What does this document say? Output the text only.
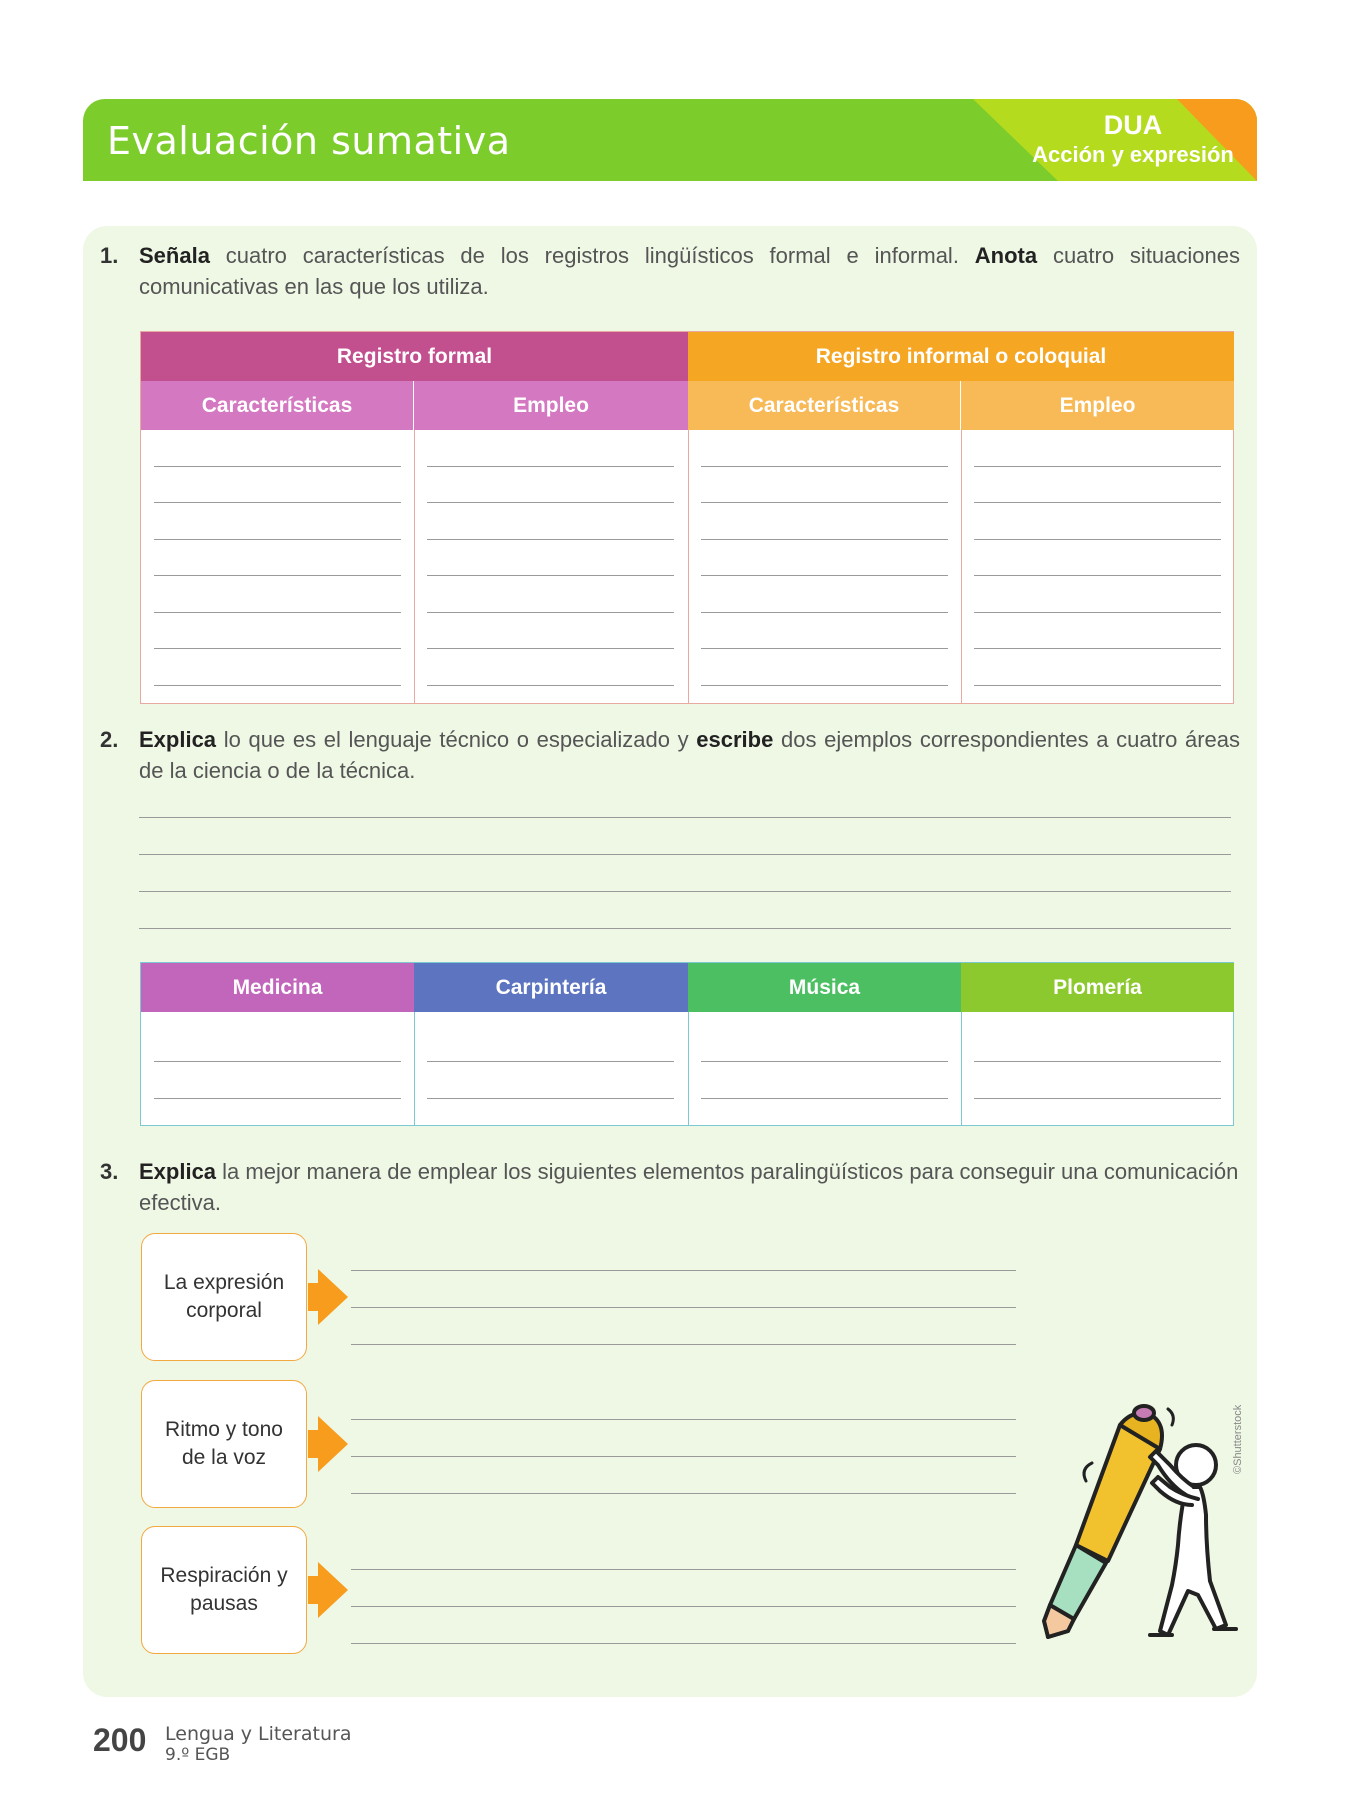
Evaluación sumativa	DUA
Acción y expresión
1. Señala cuatro características de los registros lingüísticos formal e informal. Anota cuatro situaciones comunicativas en las que los utiliza.
Registro formal	Registro informal o coloquial
Características	Empleo	Características	Empleo
2. Explica lo que es el lenguaje técnico o especializado y escribe dos ejemplos correspondientes a cuatro áreas de la ciencia o de la técnica.
Medicina	Carpintería	Música	Plomería
3. Explica la mejor manera de emplear los siguientes elementos paralingüísticos para conseguir una comunicación efectiva.
La expresión corporal
Ritmo y tono de la voz
Respiración y pausas
©Shutterstock
200 Lengua y Literatura
9.º EGB
